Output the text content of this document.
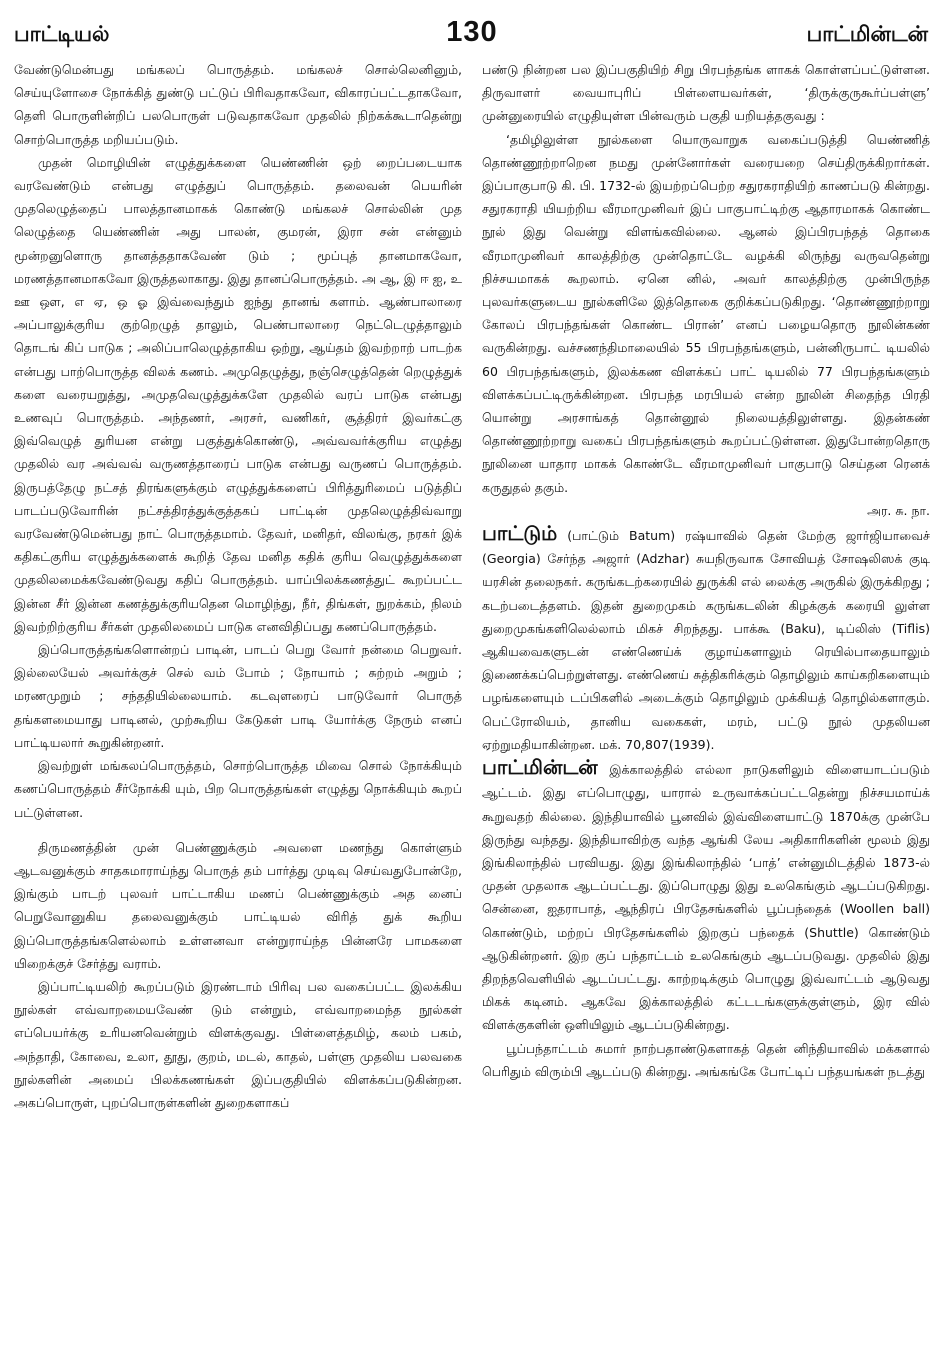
பாட்டியல்	130	பாட்மின்டன்

வேண்டுமென்பது மங்கலப் பொருத்தம். மங்கலச் சொல்லெனினும், செய்யுளோசை நோக்கித் துண்டு பட்டுப் பிரிவதாகவோ, விகாரப்பட்டதாகவோ, தெளி பொருளின்றிப் பலபொருள் படுவதாகவோ முதலில் நிற்கக்கூடாதென்று சொற்பொருத்த மறியப்படும்.

முதன் மொழியின் எழுத்துக்களை யெண்ணின் ஒற் றைப்படையாக வரவேண்டும் என்பது எழுத்துப் பொருத்தம். தலைவன் பெயரின் முதலெழுத்தைப் பாலத்தானமாகக் கொண்டு மங்கலச் சொல்லின் முத லெழுத்தை யெண்ணின் அது பாலன், குமரன், இரா சன் என்னும் மூன்றனுளொரு தானத்ததாகவேண் டும் ; மூப்புத் தானமாகவோ, மரணத்தானமாகவோ இருத்தலாகாது. இது தானப்பொருத்தம். அ ஆ, இ ஈ ஐ, உ ஊ ஔ, எ ஏ, ஒ ஓ இவ்வைந்தும் ஐந்து தானங் களாம். ஆண்பாலாரை அப்பாலுக்குரிய குற்றெழுத் தாலும், பெண்பாலாரை நெட்டெழுத்தாலும் தொடங் கிப் பாடுக ; அலிப்பாலெழுத்தாகிய ஒற்று, ஆய்தம் இவற்றாற் பாடற்க என்பது பாற்பொருத்த விலக் கணம். அமுதெழுத்து, நஞ்செழுத்தென் றெழுத்துக் களை வரையறுத்து, அமுதவெழுத்துக்களே முதலில் வரப் பாடுக என்பது உணவுப் பொருத்தம். அந்தணர், அரசர், வணிகர், சூத்திரர் இவர்கட்கு இவ்வெழுத் துரியன என்று பகுத்துக்கொண்டு, அவ்வவர்க்குரிய எழுத்து முதலில் வர அவ்வவ் வருணத்தாரைப் பாடுக என்பது வருணப் பொருத்தம். இருபத்தேழு நட்சத் திரங்களுக்கும் எழுத்துக்களைப் பிரித்துரிமைப் படுத்திப் பாடப்படுவோரின் நட்சத்திரத்துக்குத்தகப் பாட்டின் முதலெழுத்திவ்வாறு வரவேண்டுமென்பது நாட் பொருத்தமாம். தேவர், மனிதர், விலங்கு, நரகர் இக் கதிகட்குரிய எழுத்துக்களைக் கூறித் தேவ மனித கதிக் குரிய வெழுத்துக்களை முதலிலமைக்கவேண்டுவது கதிப் பொருத்தம். யாப்பிலக்கணத்துட் கூறப்பட்ட இன்ன சீர் இன்ன கணத்துக்குரியதென மொழிந்து, நீர், திங்கள், நுறக்கம், நிலம் இவற்றிற்குரிய சீர்கள் முதலிலமைப் பாடுக எனவிதிப்பது கணப்பொருத்தம்.

இப்பொருத்தங்களொன்றப் பாடின், பாடப் பெறு வோர் நன்மை பெறுவர். இல்லையேல் அவர்க்குச் செல் வம் போம் ; நோயாம் ; சுற்றம் அறும் ; மரணமுறும் ; சந்ததியில்லையாம். கடவுளரைப் பாடுவோர் பொருத் தங்களமையாது பாடினல், முற்கூறிய கேடுகள் பாடி யோர்க்கு நேரும் எனப் பாட்டியலார் கூறுகின்றனர்.

இவற்றுள் மங்கலப்பொருத்தம், சொற்பொருத்த மிவை சொல் நோக்கியும் கணப்பொருத்தம் சீர்நோக்கி யும், பிற பொருத்தங்கள் எழுத்து நொக்கியும் கூறப் பட்டுள்ளன.

திருமணத்தின் முன் பெண்ணுக்கும் அவளை மணந்து கொள்ளும் ஆடவனுக்கும் சாதகமாராய்ந்து பொருத் தம் பார்த்து முடிவு செய்வதுபோன்றே, இங்கும் பாடற் புலவர் பாட்டாகிய மணப் பெண்ணுக்கும் அத னைப் பெறுவோனுகிய தலைவனுக்கும் பாட்டியல் விரித் துக் கூறிய இப்பொருத்தங்களெல்லாம் உள்ளனவா என்றுராய்ந்த பின்னரே பாமகளை யிறைக்குச் சேர்த்து வராம்.

இப்பாட்டியலிற் கூறப்படும் இரண்டாம் பிரிவு பல வகைப்பட்ட இலக்கிய நூல்கள் எவ்வாறமையவேண் டும் என்றும், எவ்வாறமைந்த நூல்கள் எப்பெயர்க்கு உரியனவென்றும் விளக்குவது. பிள்ளைத்தமிழ், கலம் பகம், அந்தாதி, கோவை, உலா, தூது, குறம், மடல், காதல், பள்ளு முதலிய பலவகை நூல்களின் அமைப் பிலக்கணங்கள் இப்பகுதியில் விளக்கப்படுகின்றன. அகப்பொருள், புறப்பொருள்களின் துறைகளாகப்

பண்டு நின்றன பல இப்பகுதியிற் சிறு பிரபந்தங்க ளாகக் கொள்ளப்பட்டுள்ளன. திருவாளர் வையாபுரிப் பிள்ளையவர்கள், ‘திருக்குருகூர்ப்பள்ளு’ முன்னுரையில் எழுதியுள்ள பின்வரும் பகுதி யறியத்தகுவது :

‘தமிழிலுள்ள நூல்களை யொருவாறுக வகைப்படுத்தி யெண்ணித் தொண்ணூற்றாறென நமது முன்னோர்கள் வரையறை செய்திருக்கிறார்கள். இப்பாகுபாடு கி. பி. 1732-ல் இயற்றப்பெற்ற சதுரகராதியிற் காணப்படு கின்றது. சதுரகராதி யியற்றிய வீரமாமுனிவர் இப் பாகுபாட்டிற்கு ஆதாரமாகக் கொண்ட நூல் இது வென்று விளங்கவில்லை. ஆனல் இப்பிரபந்தத் தொகை வீரமாமுனிவர் காலத்திற்கு முன்தொட்டே வழக்கி லிருந்து வருவதென்று நிச்சயமாகக் கூறலாம். ஏனெ னில், அவர் காலத்திற்கு முன்பிருந்த புலவர்களுடைய நூல்களிலே இத்தொகை குறிக்கப்படுகிறது. ‘தொண்ணூற்றாறு கோலப் பிரபந்தங்கள் கொண்ட பிரான்’ எனப் பழையதொரு நூலின்கண் வருகின்றது. வச்சணந்திமாலையில் 55 பிரபந்தங்களும், பன்னிருபாட் டியலில் 60 பிரபந்தங்களும், இலக்கண விளக்கப் பாட் டியலில் 77 பிரபந்தங்களும் விளக்கப்பட்டிருக்கின்றன. பிரபந்த மரபியல் என்ற நூலின் சிதைந்த பிரதி யொன்று அரசாங்கத் தொன்னூல் நிலையத்திலுள்ளது. இதன்கண் தொண்ணூற்றாறு வகைப் பிரபந்தங்களும் கூறப்பட்டுள்ளன. இதுபோன்றதொரு நூலினை யாதார மாகக் கொண்டே வீரமாமுனிவர் பாகுபாடு செய்தன ரெனக் கருதுதல் தகும்.

அர. சு. நா.

பாட்டும் (பாட்டும் Batum) ரஷ்யாவில் தென் மேற்கு ஜார்ஜியாவைச் (Georgia) சேர்ந்த அஜார் (Adzhar) சுயநிருவாக சோவியத் சோஷலிஸக் குடி யரசின் தலைநகர். கருங்கடற்கரையில் துருக்கி எல் லைக்கு அருகில் இருக்கிறது ; கடற்படைத்தளம். இதன் துறைமுகம் கருங்கடலின் கிழக்குக் கரையி லுள்ள துறைமுகங்களிலெல்லாம் மிகச் சிறந்தது. பாக்கூ (Baku), டிப்லிஸ் (Tiflis) ஆகியவைகளுடன் எண்ணெய்க் குழாய்களாலும் ரெயில்பாதையாலும் இணைக்கப்பெற்றுள்ளது. எண்ணெய் சுத்திகரிக்கும் தொழிலும் காய்கறிகளையும் பழங்களையும் டப்பிகளில் அடைக்கும் தொழிலும் முக்கியத் தொழில்களாகும். பெட்ரோலியம், தானிய வகைகள், மரம், பட்டு நூல் முதலியன ஏற்றுமதியாகின்றன. மக். 70,807(1939).

பாட்மின்டன் இக்காலத்தில் எல்லா நாடுகளிலும் விளையாடப்படும் ஆட்டம். இது எப்பொழுது, யாரால் உருவாக்கப்பட்டதென்று நிச்சயமாய்க் கூறுவதற் கில்லை. இந்தியாவில் பூனவில் இவ்விளையாட்டு 1870க்கு முன்பே இருந்து வந்தது. இந்தியாவிற்கு வந்த ஆங்கி லேய அதிகாரிகளின் மூலம் இது இங்கிலாந்தில் பரவியது. இது இங்கிலாந்தில் ‘பாத்’ என்னுமிடத்தில் 1873-ல் முதன் முதலாக ஆடப்பட்டது. இப்பொழுது இது உலகெங்கும் ஆடப்படுகிறது. சென்னை, ஐதராபாத், ஆந்திரப் பிரதேசங்களில் பூப்பந்தைக் (Woollen ball) கொண்டும், மற்றப் பிரதேசங்களில் இறகுப் பந்தைக் (Shuttle) கொண்டும் ஆடுகின்றனர். இற குப் பந்தாட்டம் உலகெங்கும் ஆடப்படுவது. முதலில் இது திறந்தவெளியில் ஆடப்பட்டது. காற்றடிக்கும் பொழுது இவ்வாட்டம் ஆடுவது மிகக் கடினம். ஆகவே இக்காலத்தில் கட்டடங்களுக்குள்ளும், இர வில் விளக்குகளின் ஒளியிலும் ஆடப்படுகின்றது.

பூப்பந்தாட்டம் சுமார் நாற்பதாண்டுகளாகத் தென் னிந்தியாவில் மக்களால் பெரிதும் விரும்பி ஆடப்படு கின்றது. அங்கங்கே போட்டிப் பந்தயங்கள் நடத்து
